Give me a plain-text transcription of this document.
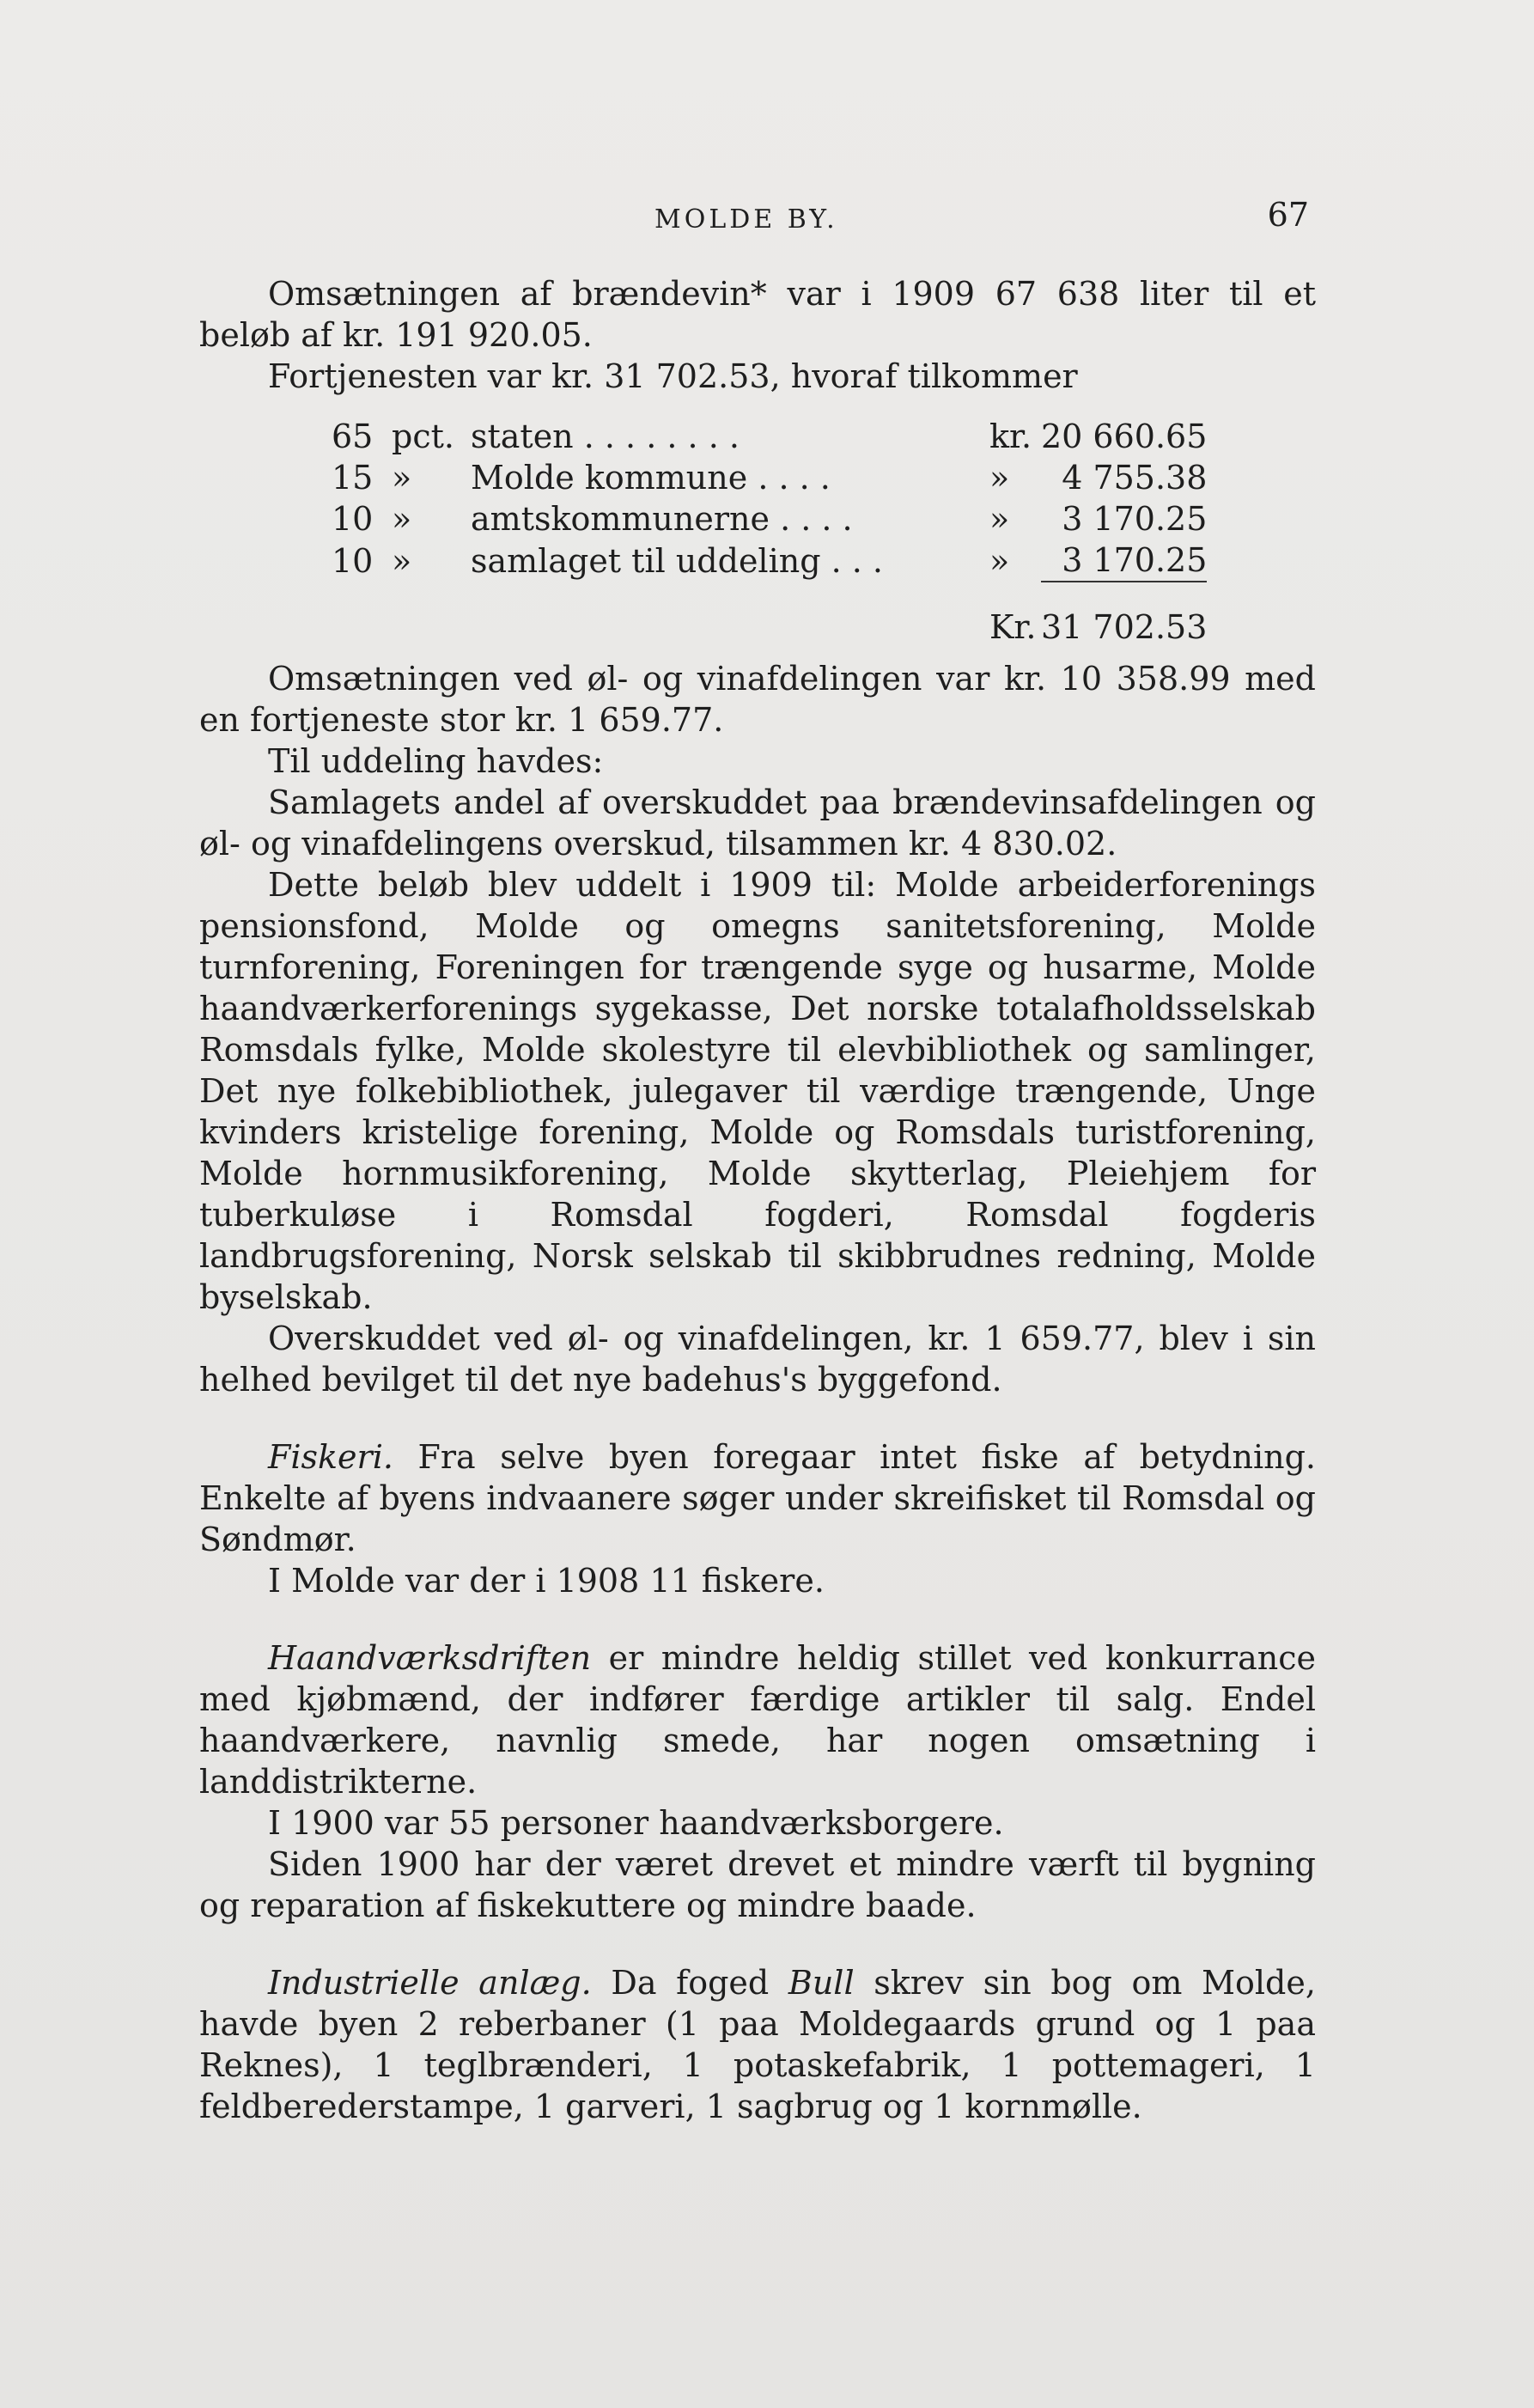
MOLDE BY.	67

Omsætningen af brændevin* var i 1909 67 638 liter til et beløb af kr. 191 920.05.

Fortjenesten var kr. 31 702.53, hvoraf tilkommer

65	pct.	staten . . . . . . . .	kr.	20 660.65
15	»	Molde kommune . . . .	»	4 755.38
10	»	amtskommunerne . . . .	»	3 170.25
10	»	samlaget til uddeling . . .	»	3 170.25
			Kr.	31 702.53

Omsætningen ved øl- og vinafdelingen var kr. 10 358.99 med en fortjeneste stor kr. 1 659.77.

Til uddeling havdes:

Samlagets andel af overskuddet paa brændevinsafdelingen og øl- og vinafdelingens overskud, tilsammen kr. 4 830.02.

Dette beløb blev uddelt i 1909 til: Molde arbeiderforenings pensionsfond, Molde og omegns sanitetsforening, Molde turnforening, Foreningen for trængende syge og husarme, Molde haandværkerforenings sygekasse, Det norske totalafholdsselskab Romsdals fylke, Molde skolestyre til elevbibliothek og samlinger, Det nye folkebibliothek, julegaver til værdige trængende, Unge kvinders kristelige forening, Molde og Romsdals turistforening, Molde hornmusikforening, Molde skytterlag, Pleiehjem for tuberkuløse i Romsdal fogderi, Romsdal fogderis landbrugsforening, Norsk selskab til skibbrudnes redning, Molde byselskab.

Overskuddet ved øl- og vinafdelingen, kr. 1 659.77, blev i sin helhed bevilget til det nye badehus's byggefond.

Fiskeri. Fra selve byen foregaar intet fiske af betydning. Enkelte af byens indvaanere søger under skreifisket til Romsdal og Søndmør.

I Molde var der i 1908 11 fiskere.

Haandværksdriften er mindre heldig stillet ved konkurrance med kjøbmænd, der indfører færdige artikler til salg. Endel haandværkere, navnlig smede, har nogen omsætning i landdistrikterne.

I 1900 var 55 personer haandværksborgere.

Siden 1900 har der været drevet et mindre værft til bygning og reparation af fiskekuttere og mindre baade.

Industrielle anlæg. Da foged Bull skrev sin bog om Molde, havde byen 2 reberbaner (1 paa Moldegaards grund og 1 paa Reknes), 1 teglbrænderi, 1 potaskefabrik, 1 pottemageri, 1 feldberederstampe, 1 garveri, 1 sagbrug og 1 kornmølle.
